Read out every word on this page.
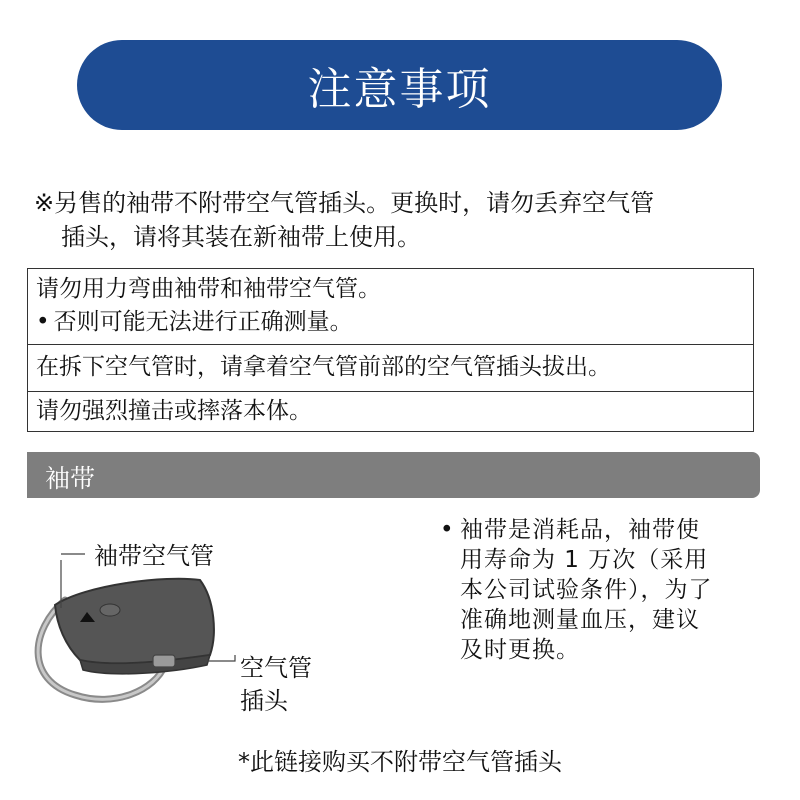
注意事项
※另售的袖带不附带空气管插头。更换时，请勿丢弃空气管
插头，请将其装在新袖带上使用。
请勿用力弯曲袖带和袖带空气管。
• 否则可能无法进行正确测量。
在拆下空气管时，请拿着空气管前部的空气管插头拔出。
请勿强烈撞击或摔落本体。
袖带
袖带空气管
空气管
插头
• 袖带是消耗品，袖带使
用寿命为 1 万次（采用
本公司试验条件），为了
准确地测量血压，建议
及时更换。
*此链接购买不附带空气管插头
